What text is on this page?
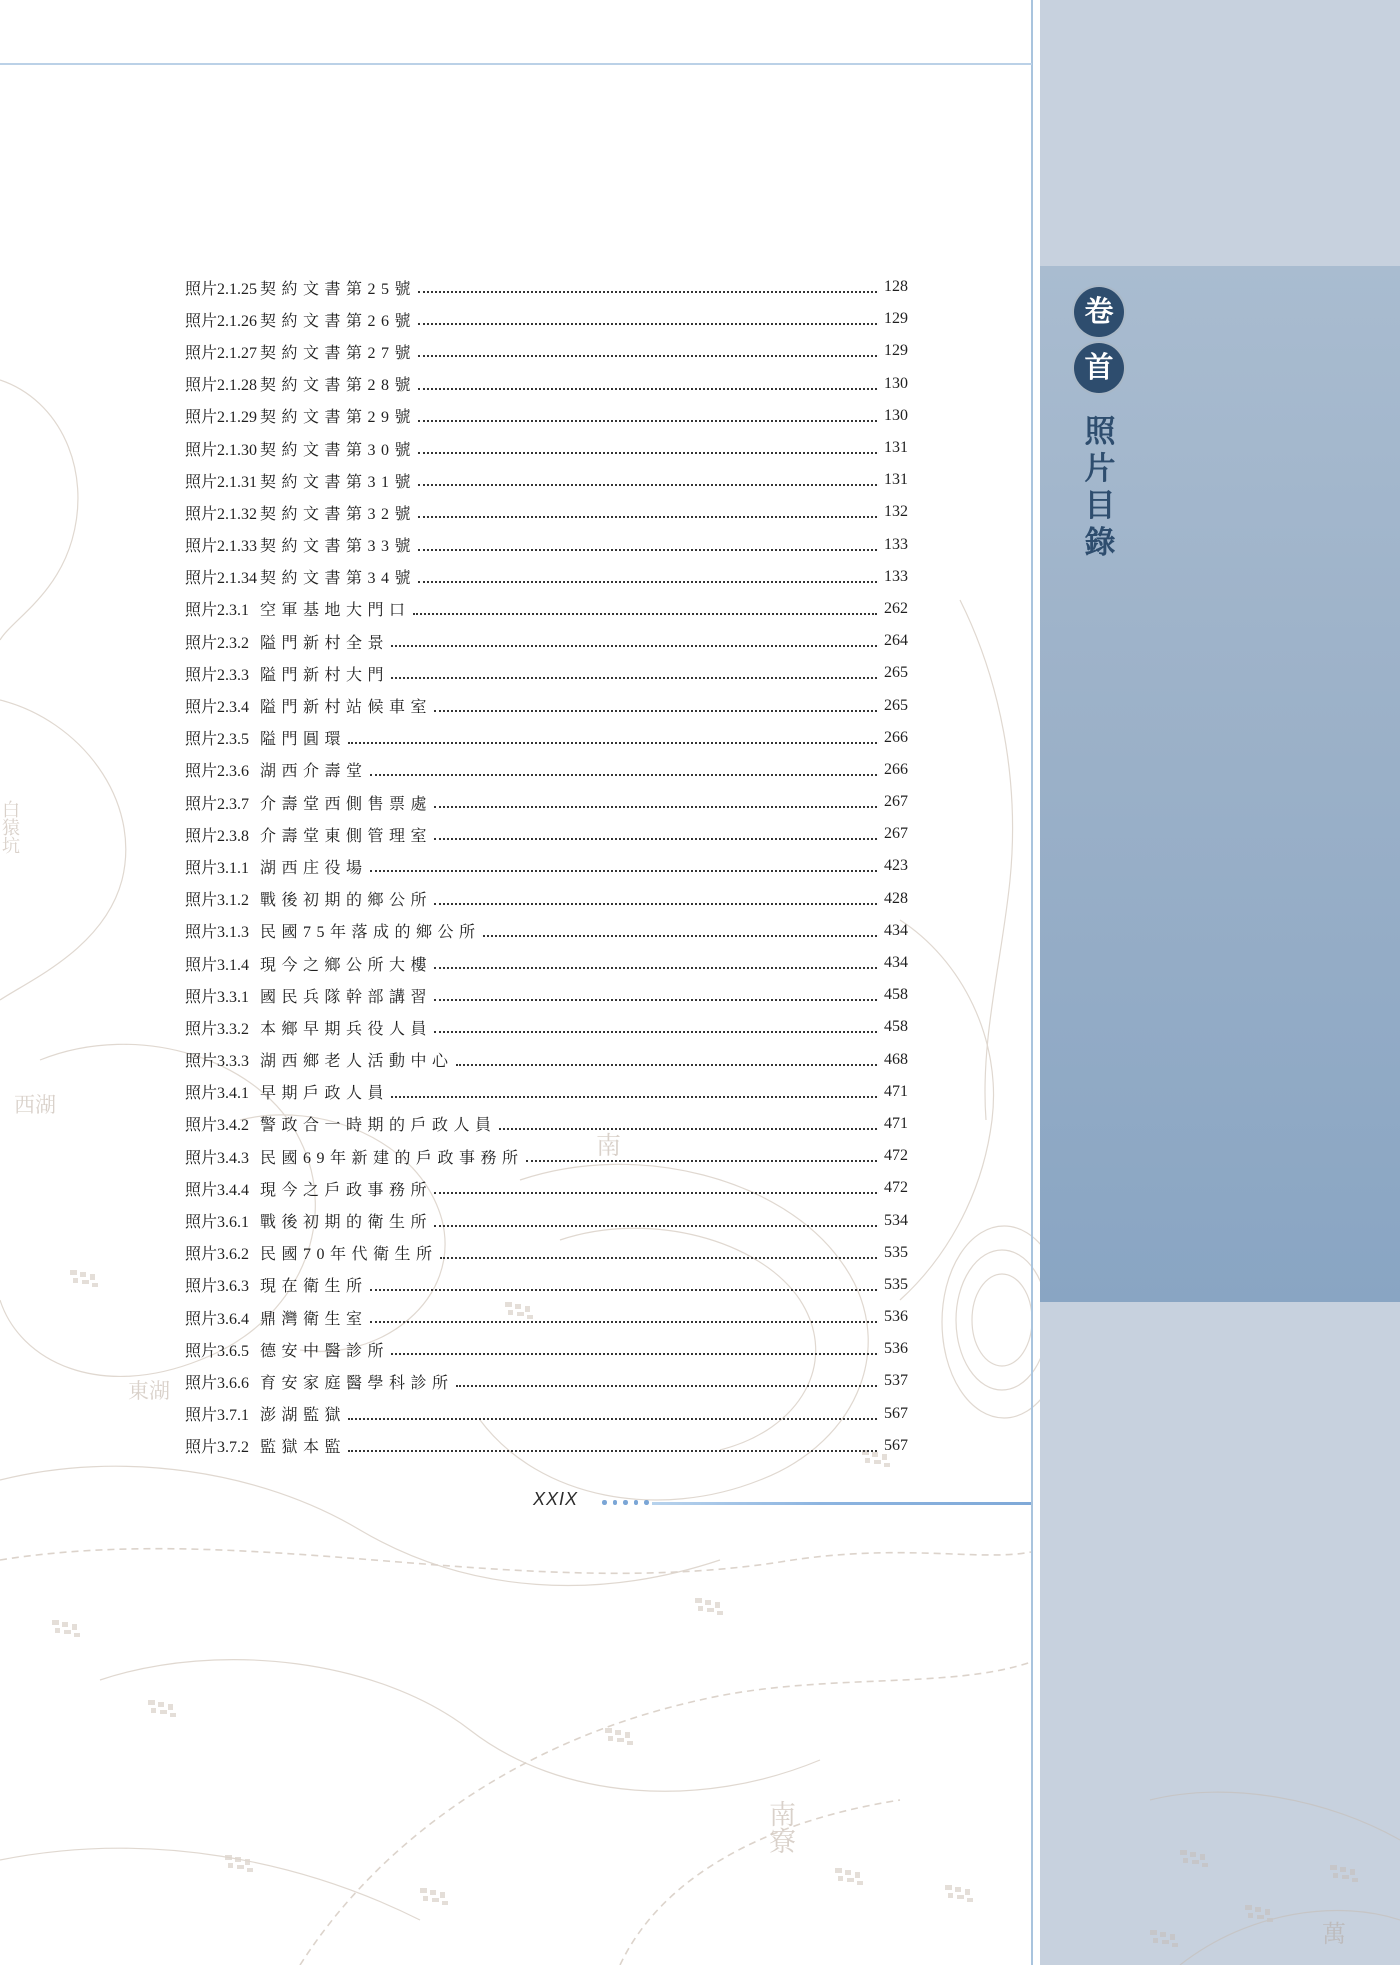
白猿坑
西湖
東湖
南
南寮
萬
卷
首
照
片
目
錄
照片2.1.25 契約文書第25號	128
照片2.1.26 契約文書第26號	129
照片2.1.27 契約文書第27號	129
照片2.1.28 契約文書第28號	130
照片2.1.29 契約文書第29號	130
照片2.1.30 契約文書第30號	131
照片2.1.31 契約文書第31號	131
照片2.1.32 契約文書第32號	132
照片2.1.33 契約文書第33號	133
照片2.1.34 契約文書第34號	133
照片2.3.1 空軍基地大門口	262
照片2.3.2 隘門新村全景	264
照片2.3.3 隘門新村大門	265
照片2.3.4 隘門新村站候車室	265
照片2.3.5 隘門圓環	266
照片2.3.6 湖西介壽堂	266
照片2.3.7 介壽堂西側售票處	267
照片2.3.8 介壽堂東側管理室	267
照片3.1.1 湖西庄役場	423
照片3.1.2 戰後初期的鄉公所	428
照片3.1.3 民國75年落成的鄉公所	434
照片3.1.4 現今之鄉公所大樓	434
照片3.3.1 國民兵隊幹部講習	458
照片3.3.2 本鄉早期兵役人員	458
照片3.3.3 湖西鄉老人活動中心	468
照片3.4.1 早期戶政人員	471
照片3.4.2 警政合一時期的戶政人員	471
照片3.4.3 民國69年新建的戶政事務所	472
照片3.4.4 現今之戶政事務所	472
照片3.6.1 戰後初期的衛生所	534
照片3.6.2 民國70年代衛生所	535
照片3.6.3 現在衛生所	535
照片3.6.4 鼎灣衛生室	536
照片3.6.5 德安中醫診所	536
照片3.6.6 育安家庭醫學科診所	537
照片3.7.1 澎湖監獄	567
照片3.7.2 監獄本監	567
XXIX
